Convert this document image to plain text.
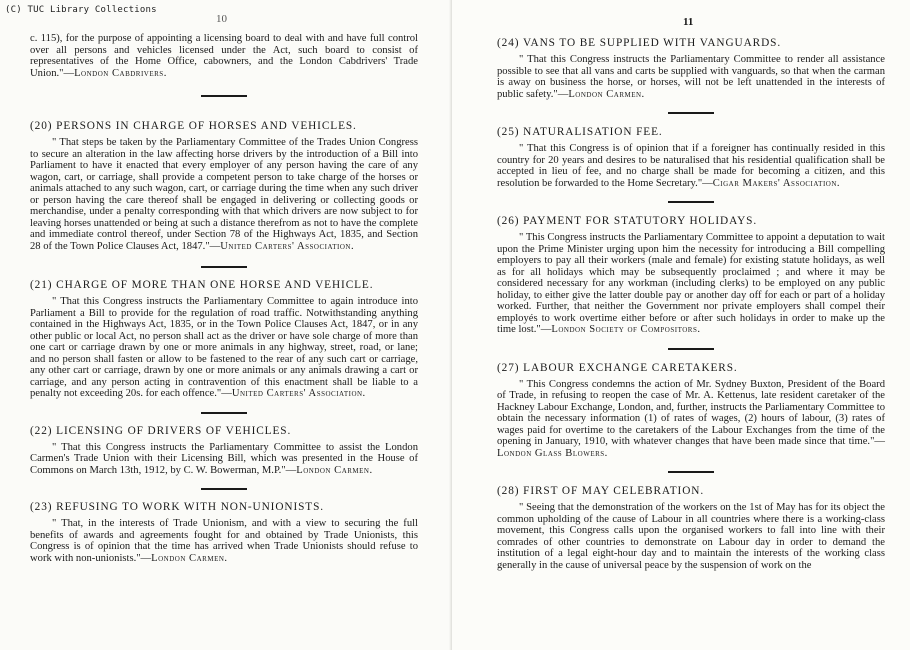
(C) TUC Library Collections
10

c. 115), for the purpose of appointing a licensing board to deal with and have full control over all persons and vehicles licensed under the Act, such board to consist of representatives of the Home Office, cabowners, and the London Cabdrivers' Trade Union."—London Cabdrivers.

(20) PERSONS IN CHARGE OF HORSES AND VEHICLES.

" That steps be taken by the Parliamentary Committee of the Trades Union Congress to secure an alteration in the law affecting horse drivers by the introduction of a Bill into Parliament to have it enacted that every employer of any person having the care of any wagon, cart, or carriage, shall provide a competent person to take charge of the horses or animals attached to any such wagon, cart, or carriage during the time when any such driver or person having the care thereof shall be engaged in delivering or collecting goods or merchandise, under a penalty corresponding with that which drivers are now subject to for leaving horses unattended or being at such a distance therefrom as not to have the complete and immediate control thereof, under Section 78 of the Highways Act, 1835, and Section 28 of the Town Police Clauses Act, 1847."—United Carters' Association.

(21) CHARGE OF MORE THAN ONE HORSE AND VEHICLE.

" That this Congress instructs the Parliamentary Committee to again introduce into Parliament a Bill to provide for the regulation of road traffic. Notwithstanding anything contained in the Highways Act, 1835, or in the Town Police Clauses Act, 1847, or in any other public or local Act, no person shall act as the driver or have sole charge of more than one cart or carriage drawn by one or more animals in any highway, street, road, or lane; and no person shall fasten or allow to be fastened to the rear of any such cart or carriage, any other cart or carriage, drawn by one or more animals or any animals drawing a cart or carriage, and any person acting in contravention of this enactment shall be liable to a penalty not exceeding 20s. for each offence."—United Carters' Association.

(22) LICENSING OF DRIVERS OF VEHICLES.

" That this Congress instructs the Parliamentary Committee to assist the London Carmen's Trade Union with their Licensing Bill, which was presented in the House of Commons on March 13th, 1912, by C. W. Bowerman, M.P."—London Carmen.

(23) REFUSING TO WORK WITH NON-UNIONISTS.

" That, in the interests of Trade Unionism, and with a view to securing the full benefits of awards and agreements fought for and obtained by Trade Unionists, this Congress is of opinion that the time has arrived when Trade Unionists should refuse to work with non-unionists."—London Carmen.

11
(24) VANS TO BE SUPPLIED WITH VANGUARDS.

" That this Congress instructs the Parliamentary Committee to render all assistance possible to see that all vans and carts be supplied with vanguards, so that when the carman is away on business the horse, or horses, will not be left unattended in the interests of public safety."—London Carmen.

(25) NATURALISATION FEE.

" That this Congress is of opinion that if a foreigner has continually resided in this country for 20 years and desires to be naturalised that his residential qualification shall be accepted in lieu of fee, and no charge shall be made for becoming a citizen, and this resolution be forwarded to the Home Secretary."—Cigar Makers' Association.

(26) PAYMENT FOR STATUTORY HOLIDAYS.

" This Congress instructs the Parliamentary Committee to appoint a deputation to wait upon the Prime Minister urging upon him the necessity for introducing a Bill compelling employers to pay all their workers (male and female) for existing statute holidays, as well as for all holidays which may be subsequently proclaimed ; and where it may be considered necessary for any workman (including clerks) to be employed on any public holiday, to either give the latter double pay or another day off for each or part of a holiday worked. Further, that neither the Government nor private employers shall compel their employés to work overtime either before or after such holidays in order to make up the time lost."—London Society of Compositors.

(27) LABOUR EXCHANGE CARETAKERS.

" This Congress condemns the action of Mr. Sydney Buxton, President of the Board of Trade, in refusing to reopen the case of Mr. A. Kettenus, late resident caretaker of the Hackney Labour Exchange, London, and, further, instructs the Parliamentary Committee to obtain the necessary information (1) of rates of wages, (2) hours of labour, (3) rates of wages paid for overtime to the caretakers of the Labour Exchanges from the time of the opening in January, 1910, with whatever changes that have been made since that time."—London Glass Blowers.

(28) FIRST OF MAY CELEBRATION.

" Seeing that the demonstration of the workers on the 1st of May has for its object the common upholding of the cause of Labour in all countries where there is a working-class movement, this Congress calls upon the organised workers to fall into line with their comrades of other countries to demonstrate on Labour day in order to demand the institution of a legal eight-hour day and to maintain the interests of the working class generally in the cause of universal peace by the suspension of work on the
